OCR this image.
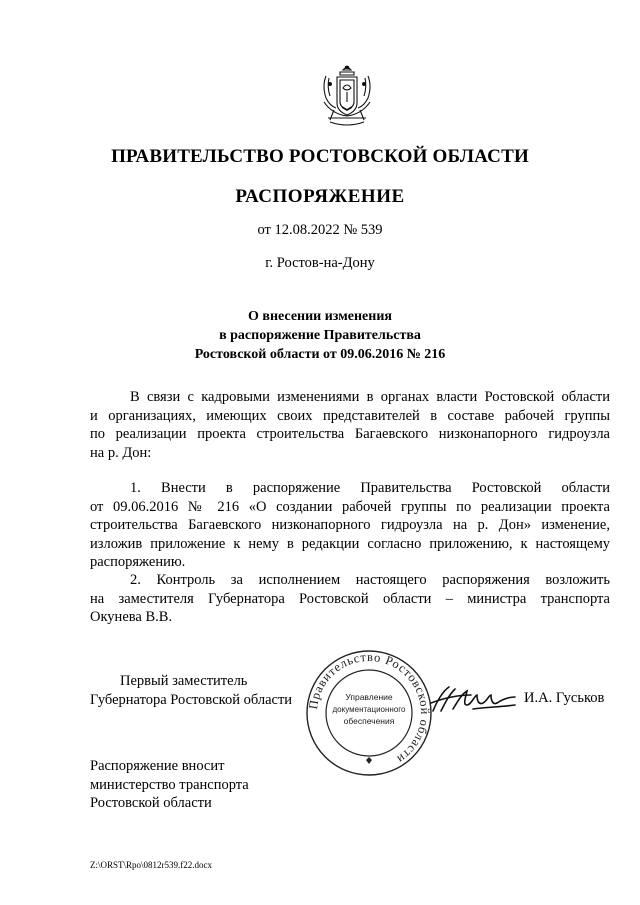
ПРАВИТЕЛЬСТВО РОСТОВСКОЙ ОБЛАСТИ
РАСПОРЯЖЕНИЕ
от 12.08.2022 № 539
г. Ростов-на-Дону
О внесении изменения
в распоряжение Правительства
Ростовской области от 09.06.2016 № 216
В связи с кадровыми изменениями в органах власти Ростовской области
и организациях, имеющих своих представителей в составе рабочей группы
по реализации проекта строительства Багаевского низконапорного гидроузла
на р. Дон:
1. Внести в распоряжение Правительства Ростовской области
от 09.06.2016 № 216 «О создании рабочей группы по реализации проекта
строительства Багаевского низконапорного гидроузла на р. Дон» изменение,
изложив приложение к нему в редакции согласно приложению, к настоящему
распоряжению.
2. Контроль за исполнением настоящего распоряжения возложить
на заместителя Губернатора Ростовской области – министра транспорта
Окунева В.В.
Первый заместитель
Губернатора Ростовской области	Правительство Ростовской области
Управление
документационного
обеспечения
И.А. Гуськов
Распоряжение вносит
министерство транспорта
Ростовской области
Z:\ORST\Rpo\0812r539.f22.docx
